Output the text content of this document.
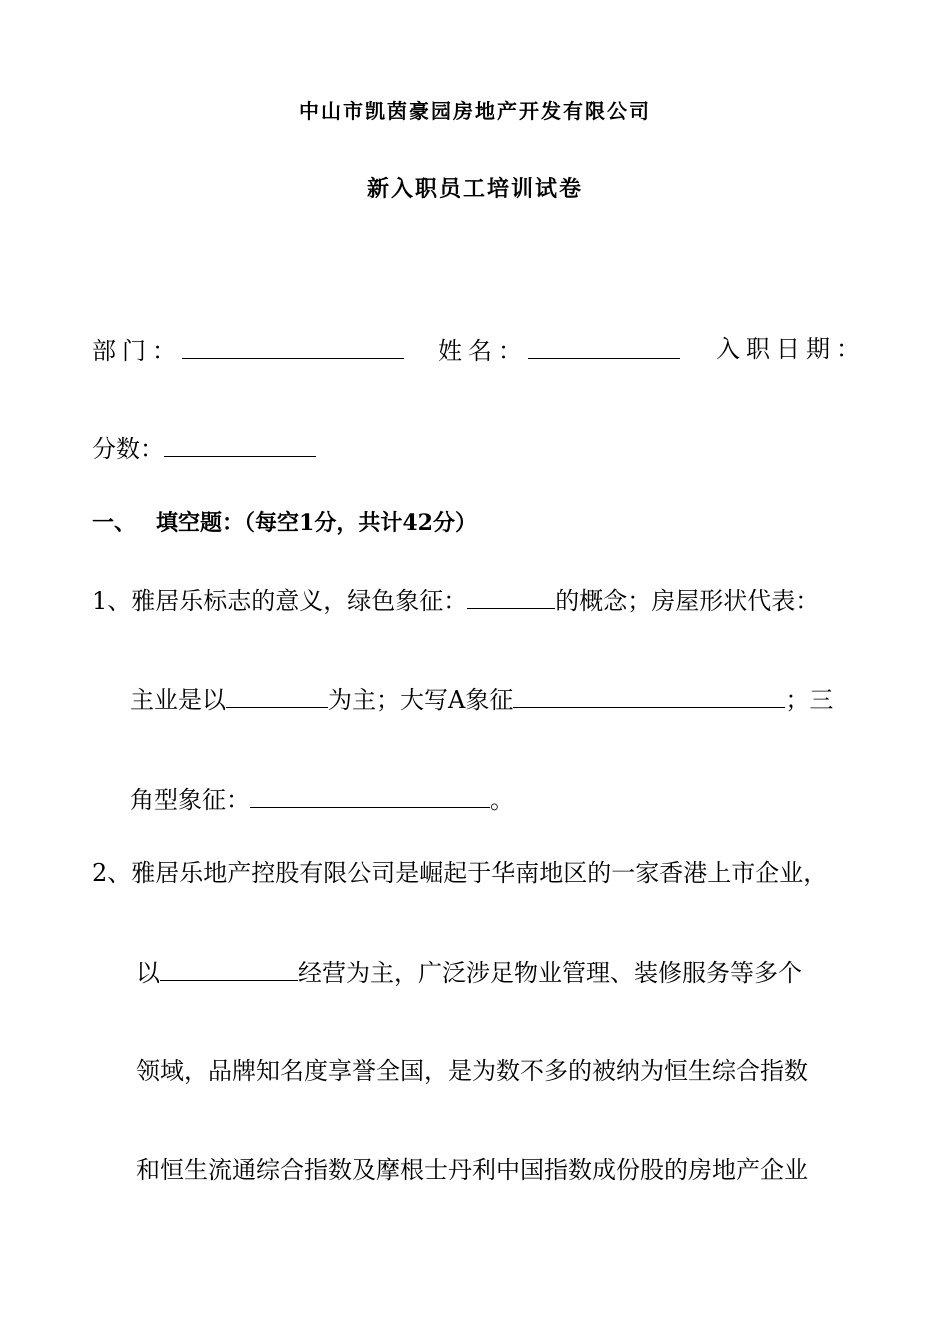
中山市凯茵豪园房地产开发有限公司
新入职员工培训试卷
部门：	姓名：	入职日期：
分数：
一、 填空题：（每空1分，共计42分）
1、雅居乐标志的意义，绿色象征：	的概念；房屋形状代表：
主业是以	为主；大写A象征	；三
角型象征：	。
2、雅居乐地产控股有限公司是崛起于华南地区的一家香港上市企业，
以	经营为主，广泛涉足物业管理、装修服务等多个
领域，品牌知名度享誉全国，是为数不多的被纳为恒生综合指数
和恒生流通综合指数及摩根士丹利中国指数成份股的房地产企业
